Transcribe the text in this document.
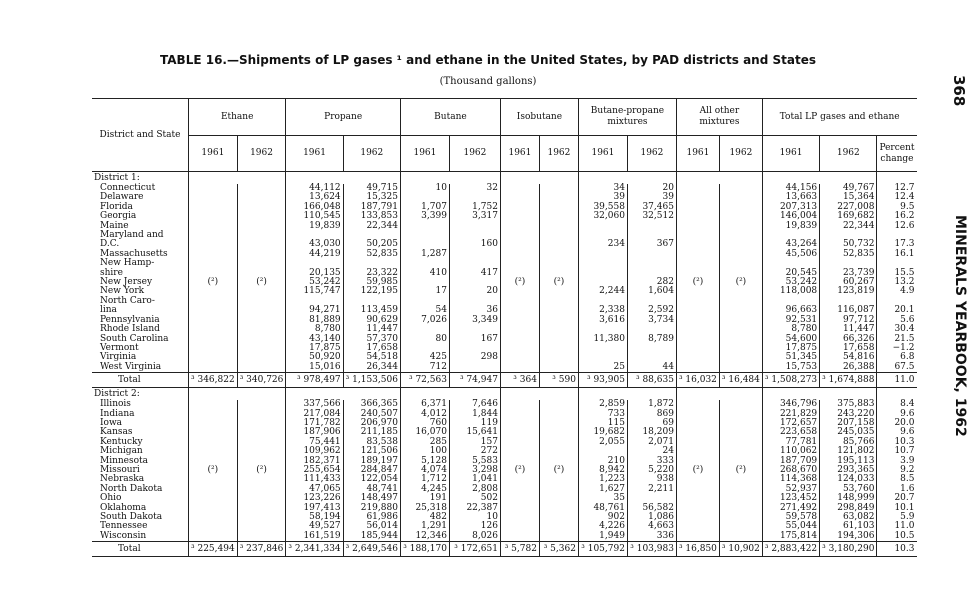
TABLE 16.—Shipments of LP gases ¹ and ethane in the United States, by PAD districts and States
(Thousand gallons)	368
MINERALS YEARBOOK, 1962
District and State	Ethane		Propane		Butane		Isobutane		Butane-propane mixtures		All other mixtures		Total LP gases and ethane		
	1961	1962	1961	1962	1961	1962	1961	1962	1961	1962	1961	1962	1961	1962	Percent change
District 1:															
Connecticut			44,112	49,715	10	32			34	20			44,156	49,767	12.7
Delaware			13,624	15,325					39	39			13,663	15,364	12.4
Florida			166,048	187,791	1,707	1,752			39,558	37,465			207,313	227,008	9.5
Georgia			110,545	133,853	3,399	3,317			32,060	32,512			146,004	169,682	16.2
Maine			19,839	22,344									19,839	22,344	12.6
Maryland and															
D.C.			43,030	50,205		160			234	367			43,264	50,732	17.3
Massachusetts			44,219	52,835	1,287								45,506	52,835	16.1
New Hamp-															
shire			20,135	23,322	410	417							20,545	23,739	15.5
New Jersey	(²)	(²)	53,242	59,985			(²)	(²)		282	(²)	(²)	53,242	60,267	13.2
New York			115,747	122,195	17	20			2,244	1,604			118,008	123,819	4.9
North Caro-															
lina			94,271	113,459	54	36			2,338	2,592			96,663	116,087	20.1
Pennsylvania			81,889	90,629	7,026	3,349			3,616	3,734			92,531	97,712	5.6
Rhode Island			8,780	11,447									8,780	11,447	30.4
South Carolina			43,140	57,370	80	167			11,380	8,789			54,600	66,326	21.5
Vermont			17,875	17,658									17,875	17,658	−1.2
Virginia			50,920	54,518	425	298							51,345	54,816	6.8
West Virginia			15,016	26,344	712				25	44			15,753	26,388	67.5
Total	³ 346,822	³ 340,726	³ 978,497	³ 1,153,506	³ 72,563	³ 74,947	³ 364	³ 590	³ 93,905	³ 88,635	³ 16,032	³ 16,484	³ 1,508,273	³ 1,674,888	11.0
District 2:															
Illinois			337,566	366,365	6,371	7,646			2,859	1,872			346,796	375,883	8.4
Indiana			217,084	240,507	4,012	1,844			733	869			221,829	243,220	9.6
Iowa			171,782	206,970	760	119			115	69			172,657	207,158	20.0
Kansas			187,906	211,185	16,070	15,641			19,682	18,209			223,658	245,035	9.6
Kentucky			75,441	83,538	285	157			2,055	2,071			77,781	85,766	10.3
Michigan			109,962	121,506	100	272				24			110,062	121,802	10.7
Minnesota			182,371	189,197	5,128	5,583			210	333			187,709	195,113	3.9
Missouri	(²)	(²)	255,654	284,847	4,074	3,298	(²)	(²)	8,942	5,220	(²)	(²)	268,670	293,365	9.2
Nebraska			111,433	122,054	1,712	1,041			1,223	938			114,368	124,033	8.5
North Dakota			47,065	48,741	4,245	2,808			1,627	2,211			52,937	53,760	1.6
Ohio			123,226	148,497	191	502			35				123,452	148,999	20.7
Oklahoma			197,413	219,880	25,318	22,387			48,761	56,582			271,492	298,849	10.1
South Dakota			58,194	61,986	482	10			902	1,086			59,578	63,082	5.9
Tennessee			49,527	56,014	1,291	126			4,226	4,663			55,044	61,103	11.0
Wisconsin			161,519	185,944	12,346	8,026			1,949	336			175,814	194,306	10.5
Total	³ 225,494	³ 237,846	³ 2,341,334	³ 2,649,546	³ 188,170	³ 172,651	³ 5,782	³ 5,362	³ 105,792	³ 103,983	³ 16,850	³ 10,902	³ 2,883,422	³ 3,180,290	10.3
